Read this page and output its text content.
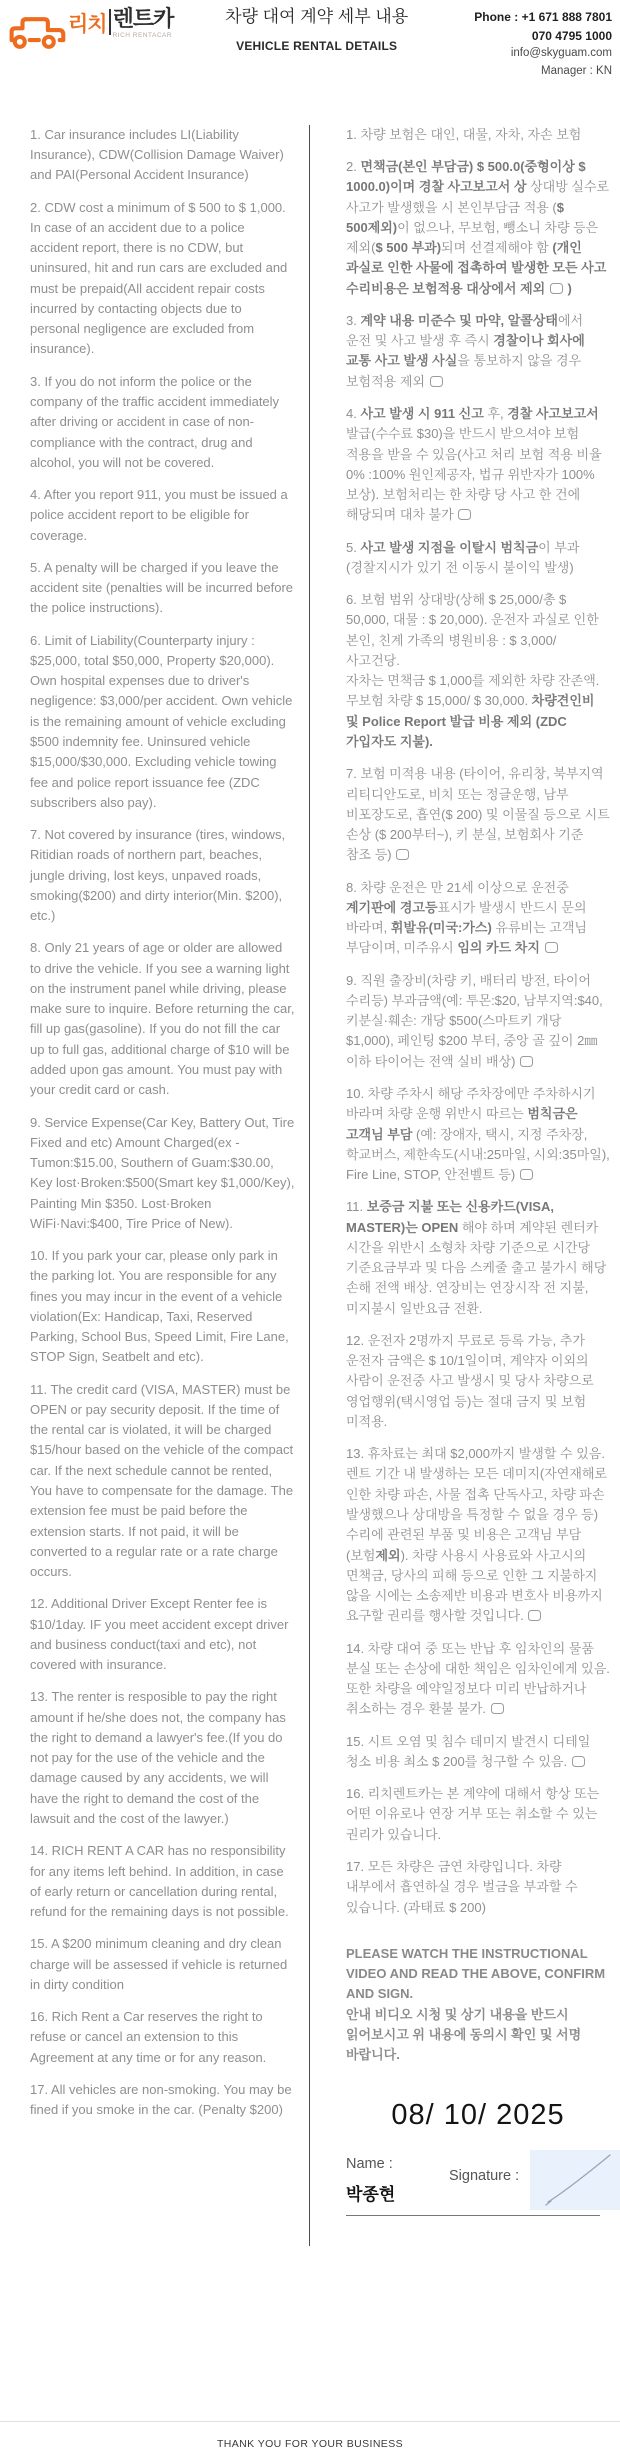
리치 렌트카
RICH RENTACAR
차량 대여 계약 세부 내용
VEHICLE RENTAL DETAILS
Phone : +1 671 888 7801
070 4795 1000
info@skyguam.com
Manager : KN

1. Car insurance includes LI(Liability Insurance), CDW(Collision Damage Waiver) and PAI(Personal Accident Insurance)

2. CDW cost a minimum of $ 500 to $ 1,000. In case of an accident due to a police accident report, there is no CDW, but uninsured, hit and run cars are excluded and must be prepaid(All accident repair costs incurred by contacting objects due to personal negligence are excluded from insurance).

3. If you do not inform the police or the company of the traffic accident immediately after driving or accident in case of non-compliance with the contract, drug and alcohol, you will not be covered.

4. After you report 911, you must be issued a police accident report to be eligible for coverage.

5. A penalty will be charged if you leave the accident site (penalties will be incurred before the police instructions).

6. Limit of Liability(Counterparty injury : $25,000, total $50,000, Property $20,000). Own hospital expenses due to driver's negligence: $3,000/per accident. Own vehicle is the remaining amount of vehicle excluding $500 indemnity fee. Uninsured vehicle $15,000/$30,000. Excluding vehicle towing fee and police report issuance fee (ZDC subscribers also pay).

7. Not covered by insurance (tires, windows, Ritidian roads of northern part, beaches, jungle driving, lost keys, unpaved roads, smoking($200) and dirty interior(Min. $200), etc.)

8. Only 21 years of age or older are allowed to drive the vehicle. If you see a warning light on the instrument panel while driving, please make sure to inquire. Before returning the car, fill up gas(gasoline). If you do not fill the car up to full gas, additional charge of $10 will be added upon gas amount. You must pay with your credit card or cash.

9. Service Expense(Car Key, Battery Out, Tire Fixed and etc) Amount Charged(ex - Tumon:$15.00, Southern of Guam:$30.00, Key lost·Broken:$500(Smart key $1,000/Key), Painting Min $350. Lost·Broken WiFi·Navi:$400, Tire Price of New).

10. If you park your car, please only park in the parking lot. You are responsible for any fines you may incur in the event of a vehicle violation(Ex: Handicap, Taxi, Reserved Parking, School Bus, Speed Limit, Fire Lane, STOP Sign, Seatbelt and etc).

11. The credit card (VISA, MASTER) must be OPEN or pay security deposit. If the time of the rental car is violated, it will be charged $15/hour based on the vehicle of the compact car. If the next schedule cannot be rented, You have to compensate for the damage. The extension fee must be paid before the extension starts. If not paid, it will be converted to a regular rate or a rate charge occurs.

12. Additional Driver Except Renter fee is $10/1day. IF you meet accident except driver and business conduct(taxi and etc), not covered with insurance.

13. The renter is resposible to pay the right amount if he/she does not, the company has the right to demand a lawyer's fee.(If you do not pay for the use of the vehicle and the damage caused by any accidents, we will have the right to demand the cost of the lawsuit and the cost of the lawyer.)

14. RICH RENT A CAR has no responsibility for any items left behind. In addition, in case of early return or cancellation during rental, refund for the remaining days is not possible.

15. A $200 minimum cleaning and dry clean charge will be assessed if vehicle is returned in dirty condition

16. Rich Rent a Car reserves the right to refuse or cancel an extension to this Agreement at any time or for any reason.

17. All vehicles are non-smoking. You may be fined if you smoke in the car. (Penalty $200)

1. 차량 보험은 대인, 대물, 자차, 자손 보험

2. 면책금(본인 부담금) $ 500.0(중형이상 $ 1000.0)이며 경찰 사고보고서 상 상대방 실수로 사고가 발생했을 시 본인부담금 적용 ($ 500제외)이 없으나, 무보험, 뺑소니 차량 등은 제외($ 500 부과)되며 선결제해야 함 (개인 과실로 인한 사물에 접촉하여 발생한 모든 사고 수리비용은 보험적용 대상에서 제외  )

3. 계약 내용 미준수 및 마약, 알콜상태에서 운전 및 사고 발생 후 즉시 경찰이나 회사에 교통 사고 발생 사실을 통보하지 않을 경우 보험적용 제외

4. 사고 발생 시 911 신고 후, 경찰 사고보고서 발급(수수료 $30)을 반드시 받으셔야 보험 적용을 받을 수 있음(사고 처리 보험 적용 비율 0% :100% 원인제공자, 법규 위반자가 100% 보상). 보험처리는 한 차량 당 사고 한 건에 해당되며 대차 불가

5. 사고 발생 지점을 이탈시 범칙금이 부과(경찰지시가 있기 전 이동시 불이익 발생)

6. 보험 범위 상대방(상해 $ 25,000/총 $ 50,000, 대물 : $ 20,000). 운전자 과실로 인한 본인, 친계 가족의 병원비용 : $ 3,000/사고건당.
자차는 면책금 $ 1,000를 제외한 차량 잔존액. 무보험 차량 $ 15,000/ $ 30,000. 차량견인비 및 Police Report 발급 비용 제외 (ZDC 가입자도 지불).

7. 보험 미적용 내용 (타이어, 유리창, 북부지역 리티디안도로, 비치 또는 정글운행, 남부 비포장도로, 흡연($ 200) 및 이물질 등으로 시트 손상 ($ 200부터~), 키 분실, 보험회사 기준 참조 등)

8. 차량 운전은 만 21세 이상으로 운전중 계기판에 경고등표시가 발생시 반드시 문의 바라며, 휘발유(미국:가스) 유류비는 고객님 부담이며, 미주유시 임의 카드 차지

9. 직원 출장비(차량 키, 배터리 방전, 타이어 수리등) 부과금액(예: 투몬:$20, 남부지역:$40, 키분실·훼손: 개당 $500(스마트키 개당 $1,000), 페인팅 $200 부터, 중앙 골 깊이 2㎜이하 타이어는 전액 실비 배상)

10. 차량 주차시 해당 주차장에만 주차하시기 바라며 차량 운행 위반시 따르는 범칙금은 고객님 부담 (예: 장애자, 택시, 지정 주차장, 학교버스, 제한속도(시내:25마일, 시외:35마일), Fire Line, STOP, 안전벨트 등)

11. 보증금 지불 또는 신용카드(VISA, MASTER)는 OPEN 해야 하며 계약된 렌터카 시간을 위반시 소형차 차량 기준으로 시간당 기준요금부과 및 다음 스케줄 출고 불가시 해당 손해 전액 배상. 연장비는 연장시작 전 지불, 미지불시 일반요금 전환.

12. 운전자 2명까지 무료로 등록 가능, 추가 운전자 금액은 $ 10/1일이며, 계약자 이외의 사람이 운전중 사고 발생시 및 당사 차량으로 영업행위(택시영업 등)는 절대 금지 및 보험 미적용.

13. 휴차료는 최대 $2,000까지 발생할 수 있음. 렌트 기간 내 발생하는 모든 데미지(자연재해로 인한 차량 파손, 사물 접촉 단독사고, 차량 파손 발생했으나 상대방을 특정할 수 없을 경우 등) 수리에 관련된 부품 및 비용은 고객님 부담(보험제외). 차량 사용시 사용료와 사고시의 면책금, 당사의 피해 등으로 인한 그 지불하지 않을 시에는 소송제반 비용과 변호사 비용까지 요구할 권리를 행사할 것입니다.

14. 차량 대여 중 또는 반납 후 임차인의 물품 분실 또는 손상에 대한 책임은 임차인에게 있음. 또한 차량을 예약일정보다 미리 반납하거나 취소하는 경우 환불 불가.

15. 시트 오염 및 침수 데미지 발견시 디테일 청소 비용 최소 $ 200를 청구할 수 있음.

16. 리치렌트카는 본 계약에 대해서 항상 또는 어떤 이유로나 연장 거부 또는 취소할 수 있는 권리가 있습니다.

17. 모든 차량은 금연 차량입니다. 차량 내부에서 흡연하실 경우 벌금을 부과할 수 있습니다. (과태료 $ 200)

PLEASE WATCH THE INSTRUCTIONAL VIDEO AND READ THE ABOVE, CONFIRM AND SIGN.
안내 비디오 시청 및 상기 내용을 반드시 읽어보시고 위 내용에 동의시 확인 및 서명 바랍니다.
08/ 10/ 2025
Name :
박종현
Signature :
THANK YOU FOR YOUR BUSINESS
